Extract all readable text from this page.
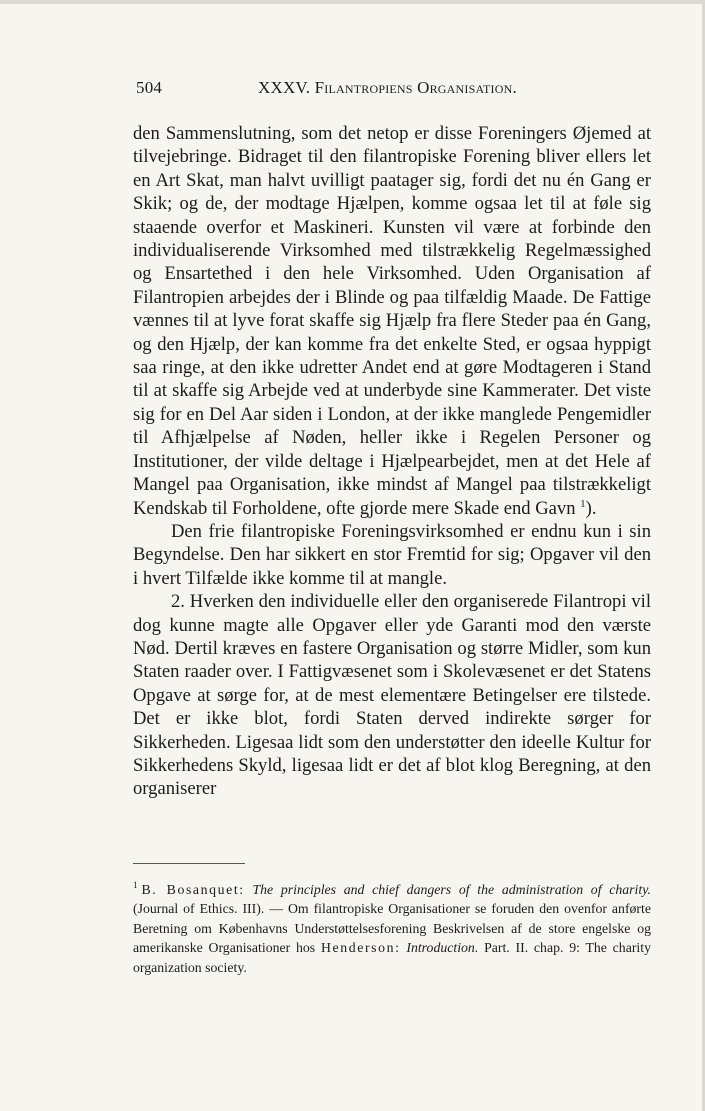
504	XXXV. Filantropiens Organisation.

den Sammenslutning, som det netop er disse Foreningers Øjemed at tilvejebringe. Bidraget til den filantropiske Forening bliver ellers let en Art Skat, man halvt uvilligt paatager sig, fordi det nu én Gang er Skik; og de, der modtage Hjælpen, komme ogsaa let til at føle sig staaende overfor et Maskineri. Kunsten vil være at forbinde den individualiserende Virksomhed med tilstrækkelig Regelmæssighed og Ensartethed i den hele Virksomhed. Uden Organisation af Filantropien arbejdes der i Blinde og paa tilfældig Maade. De Fattige vænnes til at lyve forat skaffe sig Hjælp fra flere Steder paa én Gang, og den Hjælp, der kan komme fra det enkelte Sted, er ogsaa hyppigt saa ringe, at den ikke udretter Andet end at gøre Modtageren i Stand til at skaffe sig Arbejde ved at underbyde sine Kammerater. Det viste sig for en Del Aar siden i London, at der ikke manglede Pengemidler til Afhjælpelse af Nøden, heller ikke i Regelen Personer og Institutioner, der vilde deltage i Hjælpearbejdet, men at det Hele af Mangel paa Organisation, ikke mindst af Mangel paa tilstrækkeligt Kendskab til Forholdene, ofte gjorde mere Skade end Gavn $^1$).

Den frie filantropiske Foreningsvirksomhed er endnu kun i sin Begyndelse. Den har sikkert en stor Fremtid for sig; Opgaver vil den i hvert Tilfælde ikke komme til at mangle.

2. Hverken den individuelle eller den organiserede Filantropi vil dog kunne magte alle Opgaver eller yde Garanti mod den værste Nød. Dertil kræves en fastere Organisation og større Midler, som kun Staten raader over. I Fattigvæsenet som i Skolevæsenet er det Statens Opgave at sørge for, at de mest elementære Betingelser ere tilstede. Det er ikke blot, fordi Staten derved indirekte sørger for Sikkerheden. Ligesaa lidt som den understøtter den ideelle Kultur for Sikkerhedens Skyld, ligesaa lidt er det af blot klog Beregning, at den organiserer

$^1$ B. Bosanquet: The principles and chief dangers of the administration of charity. (Journal of Ethics. III). — Om filantropiske Organisationer se foruden den ovenfor anførte Beretning om Københavns Understøttelsesforening Beskrivelsen af de store engelske og amerikanske Organisationer hos Henderson: Introduction. Part. II. chap. 9: The charity organization society.
